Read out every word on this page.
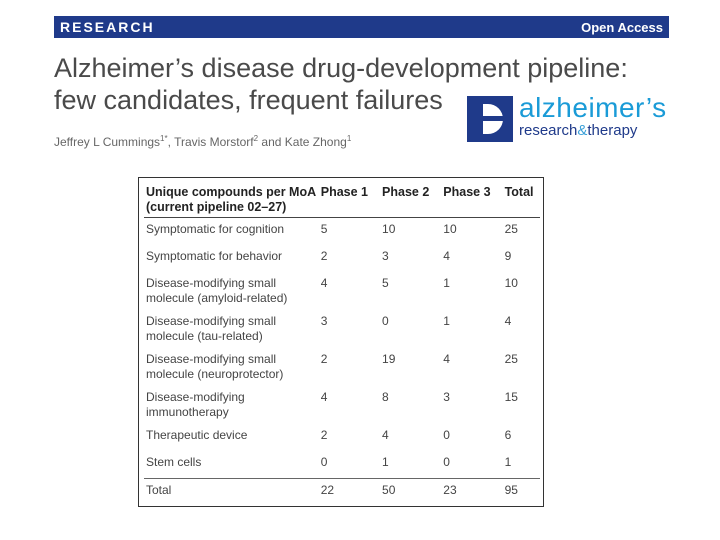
RESEARCH	Open Access
Alzheimer’s disease drug-development pipeline:
few candidates, frequent failures
Jeffrey L Cummings$^{1*}$, Travis Morstorf$^2$ and Kate Zhong$^1$
alzheimer’s
research&therapy
Unique compounds per MoA
(current pipeline 02–27)	Phase 1	Phase 2	Phase 3	Total
Symptomatic for cognition	5	10	10	25
Symptomatic for behavior	2	3	4	9
Disease-modifying small molecule (amyloid-related)	4	5	1	10
Disease-modifying small molecule (tau-related)	3	0	1	4
Disease-modifying small molecule (neuroprotector)	2	19	4	25
Disease-modifying immunotherapy	4	8	3	15
Therapeutic device	2	4	0	6
Stem cells	0	1	0	1
Total	22	50	23	95
